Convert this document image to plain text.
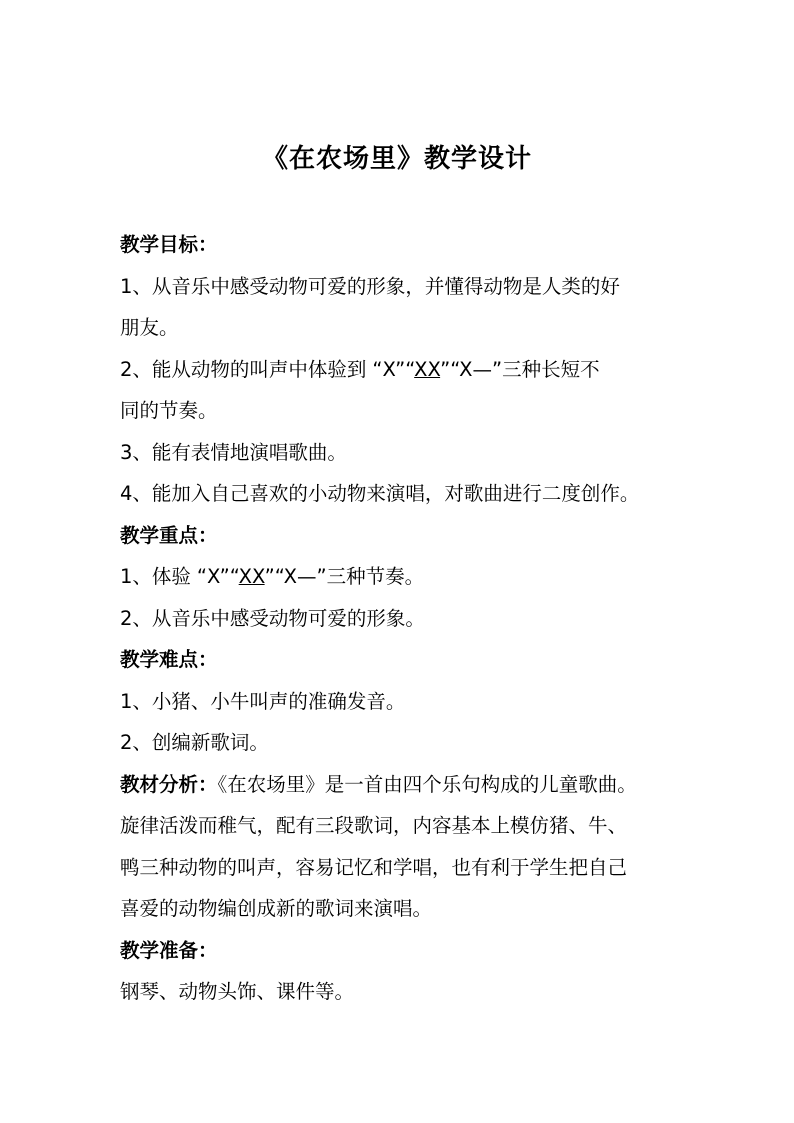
《在农场里》教学设计
教学目标：
1、从音乐中感受动物可爱的形象，并懂得动物是人类的好
朋友。
2、能从动物的叫声中体验到 “X”“XX”“X—”三种长短不
同的节奏。
3、能有表情地演唱歌曲。
4、能加入自己喜欢的小动物来演唱，对歌曲进行二度创作。
教学重点：
1、体验 “X”“XX”“X—”三种节奏。
2、从音乐中感受动物可爱的形象。
教学难点：
1、小猪、小牛叫声的准确发音。
2、创编新歌词。
教材分析：《在农场里》是一首由四个乐句构成的儿童歌曲。
旋律活泼而稚气，配有三段歌词，内容基本上模仿猪、牛、
鸭三种动物的叫声，容易记忆和学唱，也有利于学生把自己
喜爱的动物编创成新的歌词来演唱。
教学准备：
钢琴、动物头饰、课件等。
